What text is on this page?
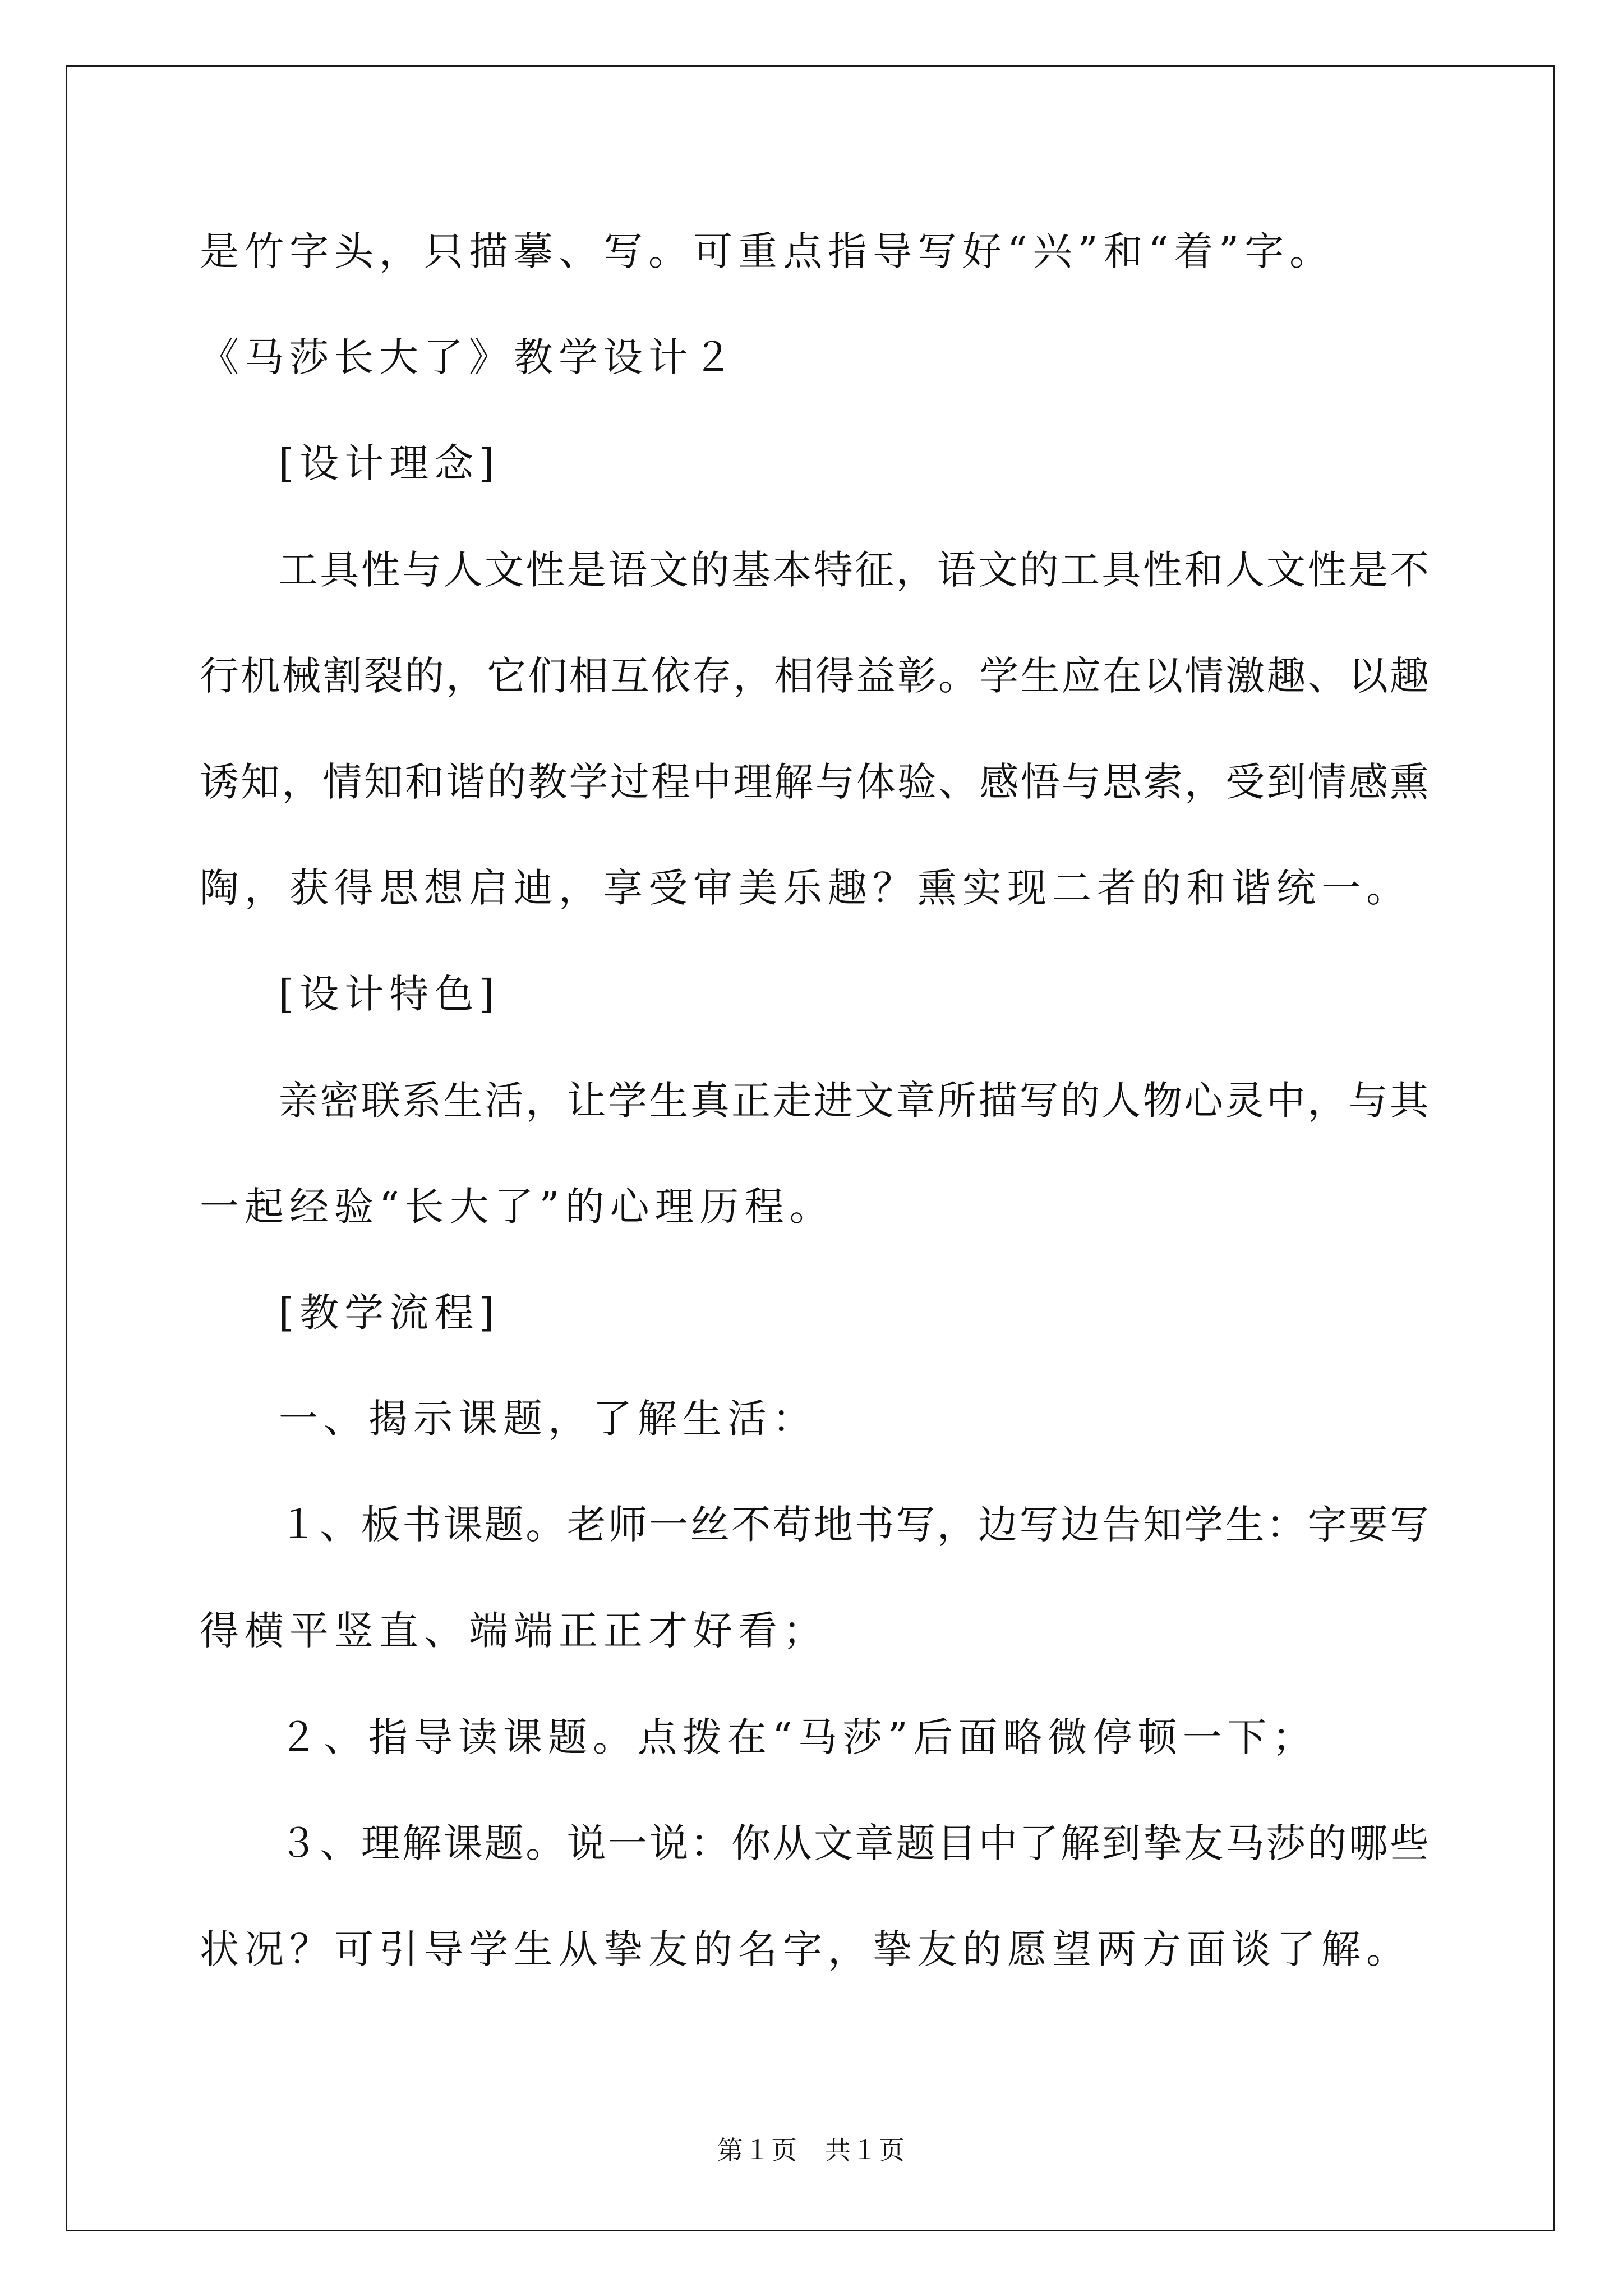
是竹字头，只描摹、写。可重点指导写好“兴”和“着”字。
《马莎长大了》教学设计２
[设计理念]
工具性与人文性是语文的基本特征，语文的工具性和人文性是不
行机械割裂的，它们相互依存，相得益彰。学生应在以情激趣、以趣
诱知，情知和谐的教学过程中理解与体验、感悟与思索，受到情感熏
陶，获得思想启迪，享受审美乐趣？熏实现二者的和谐统一。
[设计特色]
亲密联系生活，让学生真正走进文章所描写的人物心灵中，与其
一起经验“长大了”的心理历程。
[教学流程]
一、揭示课题，了解生活：
１、板书课题。老师一丝不苟地书写，边写边告知学生：字要写
得横平竖直、端端正正才好看；
２、指导读课题。点拨在“马莎”后面略微停顿一下；
３、理解课题。说一说：你从文章题目中了解到挚友马莎的哪些
状况？可引导学生从挚友的名字，挚友的愿望两方面谈了解。
第１页　共１页
